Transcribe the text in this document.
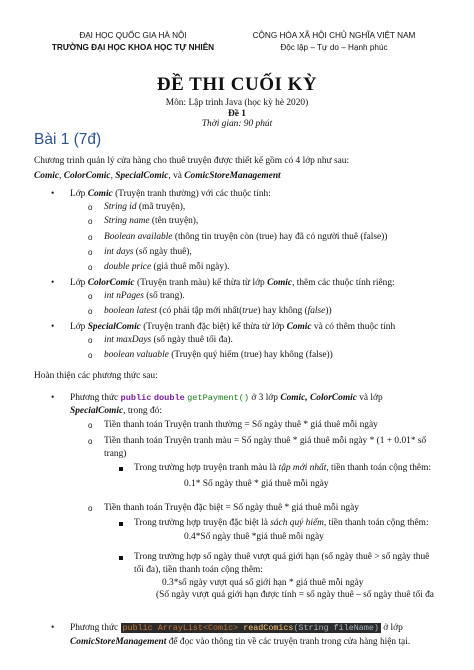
ĐẠI HỌC QUỐC GIA HÀ NỘI
TRƯỜNG ĐẠI HỌC KHOA HỌC TỰ NHIÊN
CỘNG HÒA XÃ HỘI CHỦ NGHĨA VIỆT NAM
Độc lập – Tự do – Hạnh phúc
ĐỀ THI CUỐI KỲ
Môn: Lập trình Java (học kỳ hè 2020)
Đề 1
Thời gian: 90 phút
Bài 1 (7đ)
Chương trình quản lý cửa hàng cho thuê truyện được thiết kế gồm có 4 lớp như sau:
Comic, ColorComic, SpecialComic, và ComicStoreManagement
• Lớp Comic (Truyện tranh thường) với các thuộc tính:
o String id (mã truyện),
o String name (tên truyện),
o Boolean available (thông tin truyện còn (true) hay đã có người thuê (false))
o int days (số ngày thuê),
o double price (giá thuê mỗi ngày).
• Lớp ColorComic (Truyện tranh màu) kế thừa từ lớp Comic, thêm các thuộc tính riêng:
o int nPages (số trang).
o boolean latest (có phải tập mới nhất(true) hay không (false))
• Lớp SpecialComic (Truyện tranh đặc biệt) kế thừa từ lớp Comic và có thêm thuộc tính
o int maxDays (số ngày thuê tối đa).
o boolean valuable (Truyện quý hiếm (true) hay không (false))
Hoàn thiện các phương thức sau:
• Phương thức public double getPayment() ở 3 lớp Comic, ColorComic và lớp
SpecialComic, trong đó:
o Tiền thanh toán Truyện tranh thường = Số ngày thuê * giá thuê mỗi ngày
o Tiền thanh toán Truyện tranh màu = Số ngày thuê * giá thuê mỗi ngày * (1 + 0.01* số
trang)
Trong trường hợp truyện tranh màu là tập mới nhất, tiền thanh toán cộng thêm:
0.1* Số ngày thuê * giá thuê mỗi ngày
o Tiền thanh toán Truyện đặc biệt = Số ngày thuê * giá thuê mỗi ngày
Trong trường hợp truyện đặc biệt là sách quý hiếm, tiền thanh toán cộng thêm:
0.4*Số ngày thuê *giá thuê mỗi ngày
Trong trường hợp số ngày thuê vượt quá giới hạn (số ngày thuê > số ngày thuê
tối đa), tiền thanh toán cộng thêm:
0.3*số ngày vượt quá số giới hạn * giá thuê mỗi ngày
(Số ngày vượt quá giới hạn được tính = số ngày thuê – số ngày thuê tối đa
• Phương thức public ArrayList<Comic> readComics(String fileName) ở lớp
ComicStoreManagement để đọc vào thông tin về các truyện tranh trong cửa hàng hiện tại.
